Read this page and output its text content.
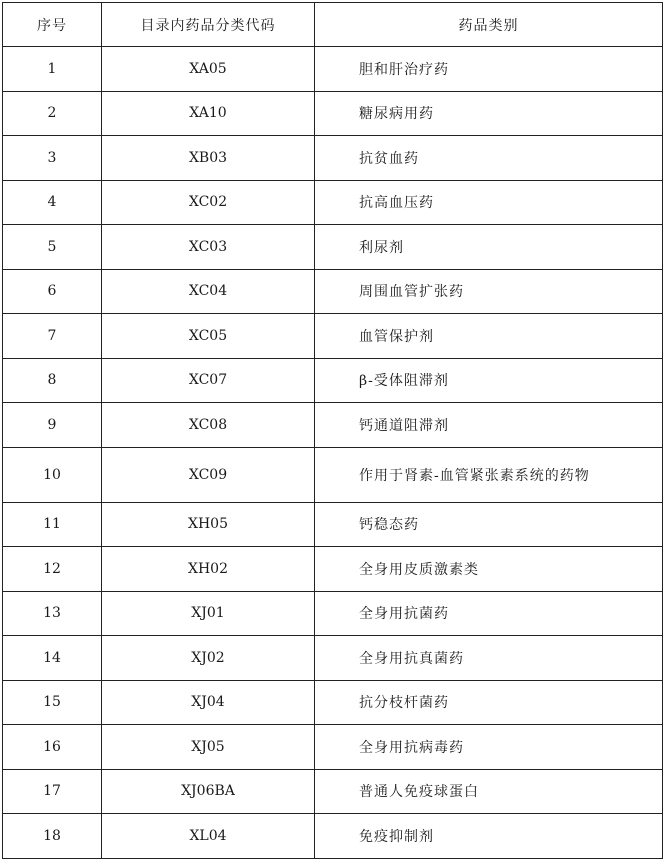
序号	目录内药品分类代码	药品类别
1	XA05	胆和肝治疗药
2	XA10	糖尿病用药
3	XB03	抗贫血药
4	XC02	抗高血压药
5	XC03	利尿剂
6	XC04	周围血管扩张药
7	XC05	血管保护剂
8	XC07	β-受体阻滞剂
9	XC08	钙通道阻滞剂
10	XC09	作用于肾素-血管紧张素系统的药物
11	XH05	钙稳态药
12	XH02	全身用皮质激素类
13	XJ01	全身用抗菌药
14	XJ02	全身用抗真菌药
15	XJ04	抗分枝杆菌药
16	XJ05	全身用抗病毒药
17	XJ06BA	普通人免疫球蛋白
18	XL04	免疫抑制剂
